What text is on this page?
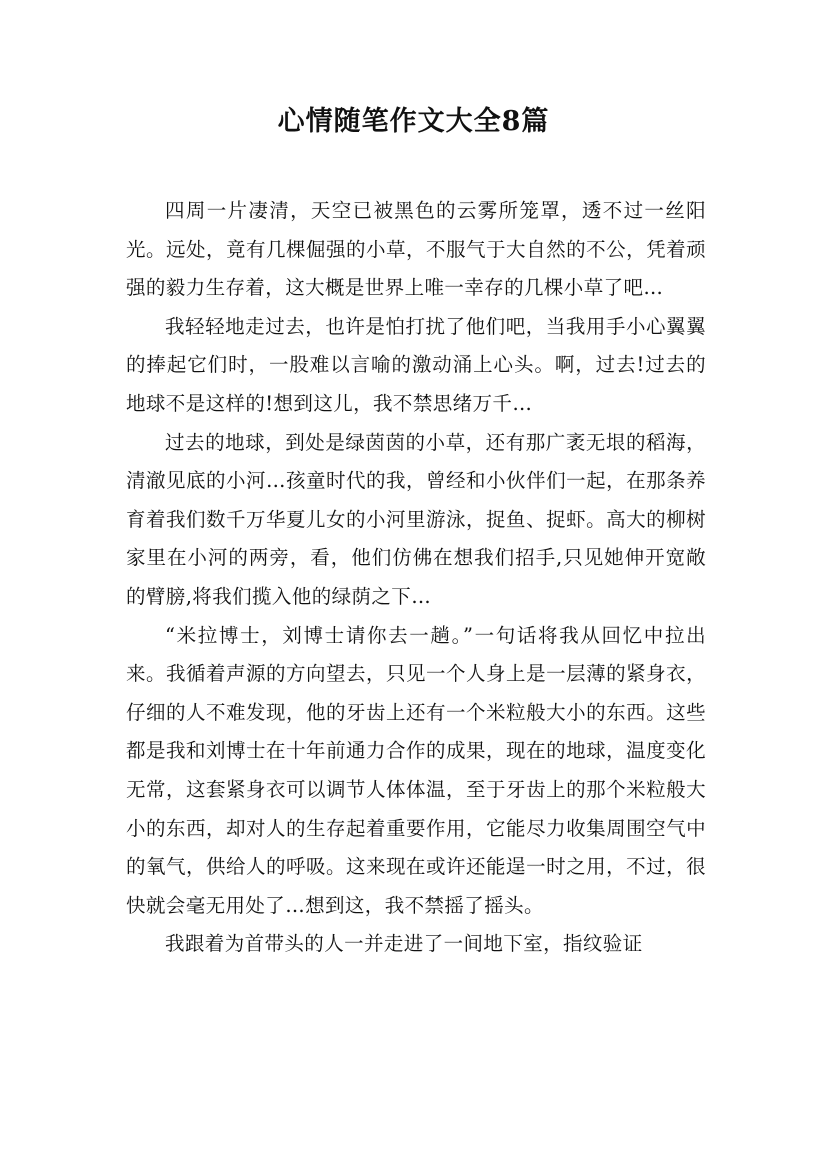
心情随笔作文大全8篇

四周一片凄清，天空已被黑色的云雾所笼罩，透不过一丝阳光。远处，竟有几棵倔强的小草，不服气于大自然的不公，凭着顽强的毅力生存着，这大概是世界上唯一幸存的几棵小草了吧…

我轻轻地走过去，也许是怕打扰了他们吧，当我用手小心翼翼的捧起它们时，一股难以言喻的激动涌上心头。啊，过去!过去的地球不是这样的!想到这儿，我不禁思绪万千…

过去的地球，到处是绿茵茵的小草，还有那广袤无垠的稻海，清澈见底的小河…孩童时代的我，曾经和小伙伴们一起，在那条养育着我们数千万华夏儿女的小河里游泳，捉鱼、捉虾。高大的柳树家里在小河的两旁，看，他们仿佛在想我们招手,只见她伸开宽敞的臂膀,将我们揽入他的绿荫之下…

“米拉博士，刘博士请你去一趟。”一句话将我从回忆中拉出来。我循着声源的方向望去，只见一个人身上是一层薄的紧身衣，仔细的人不难发现，他的牙齿上还有一个米粒般大小的东西。这些都是我和刘博士在十年前通力合作的成果，现在的地球，温度变化无常，这套紧身衣可以调节人体体温，至于牙齿上的那个米粒般大小的东西，却对人的生存起着重要作用，它能尽力收集周围空气中的氧气，供给人的呼吸。这来现在或许还能逞一时之用，不过，很快就会毫无用处了…想到这，我不禁摇了摇头。

我跟着为首带头的人一并走进了一间地下室，指纹验证
